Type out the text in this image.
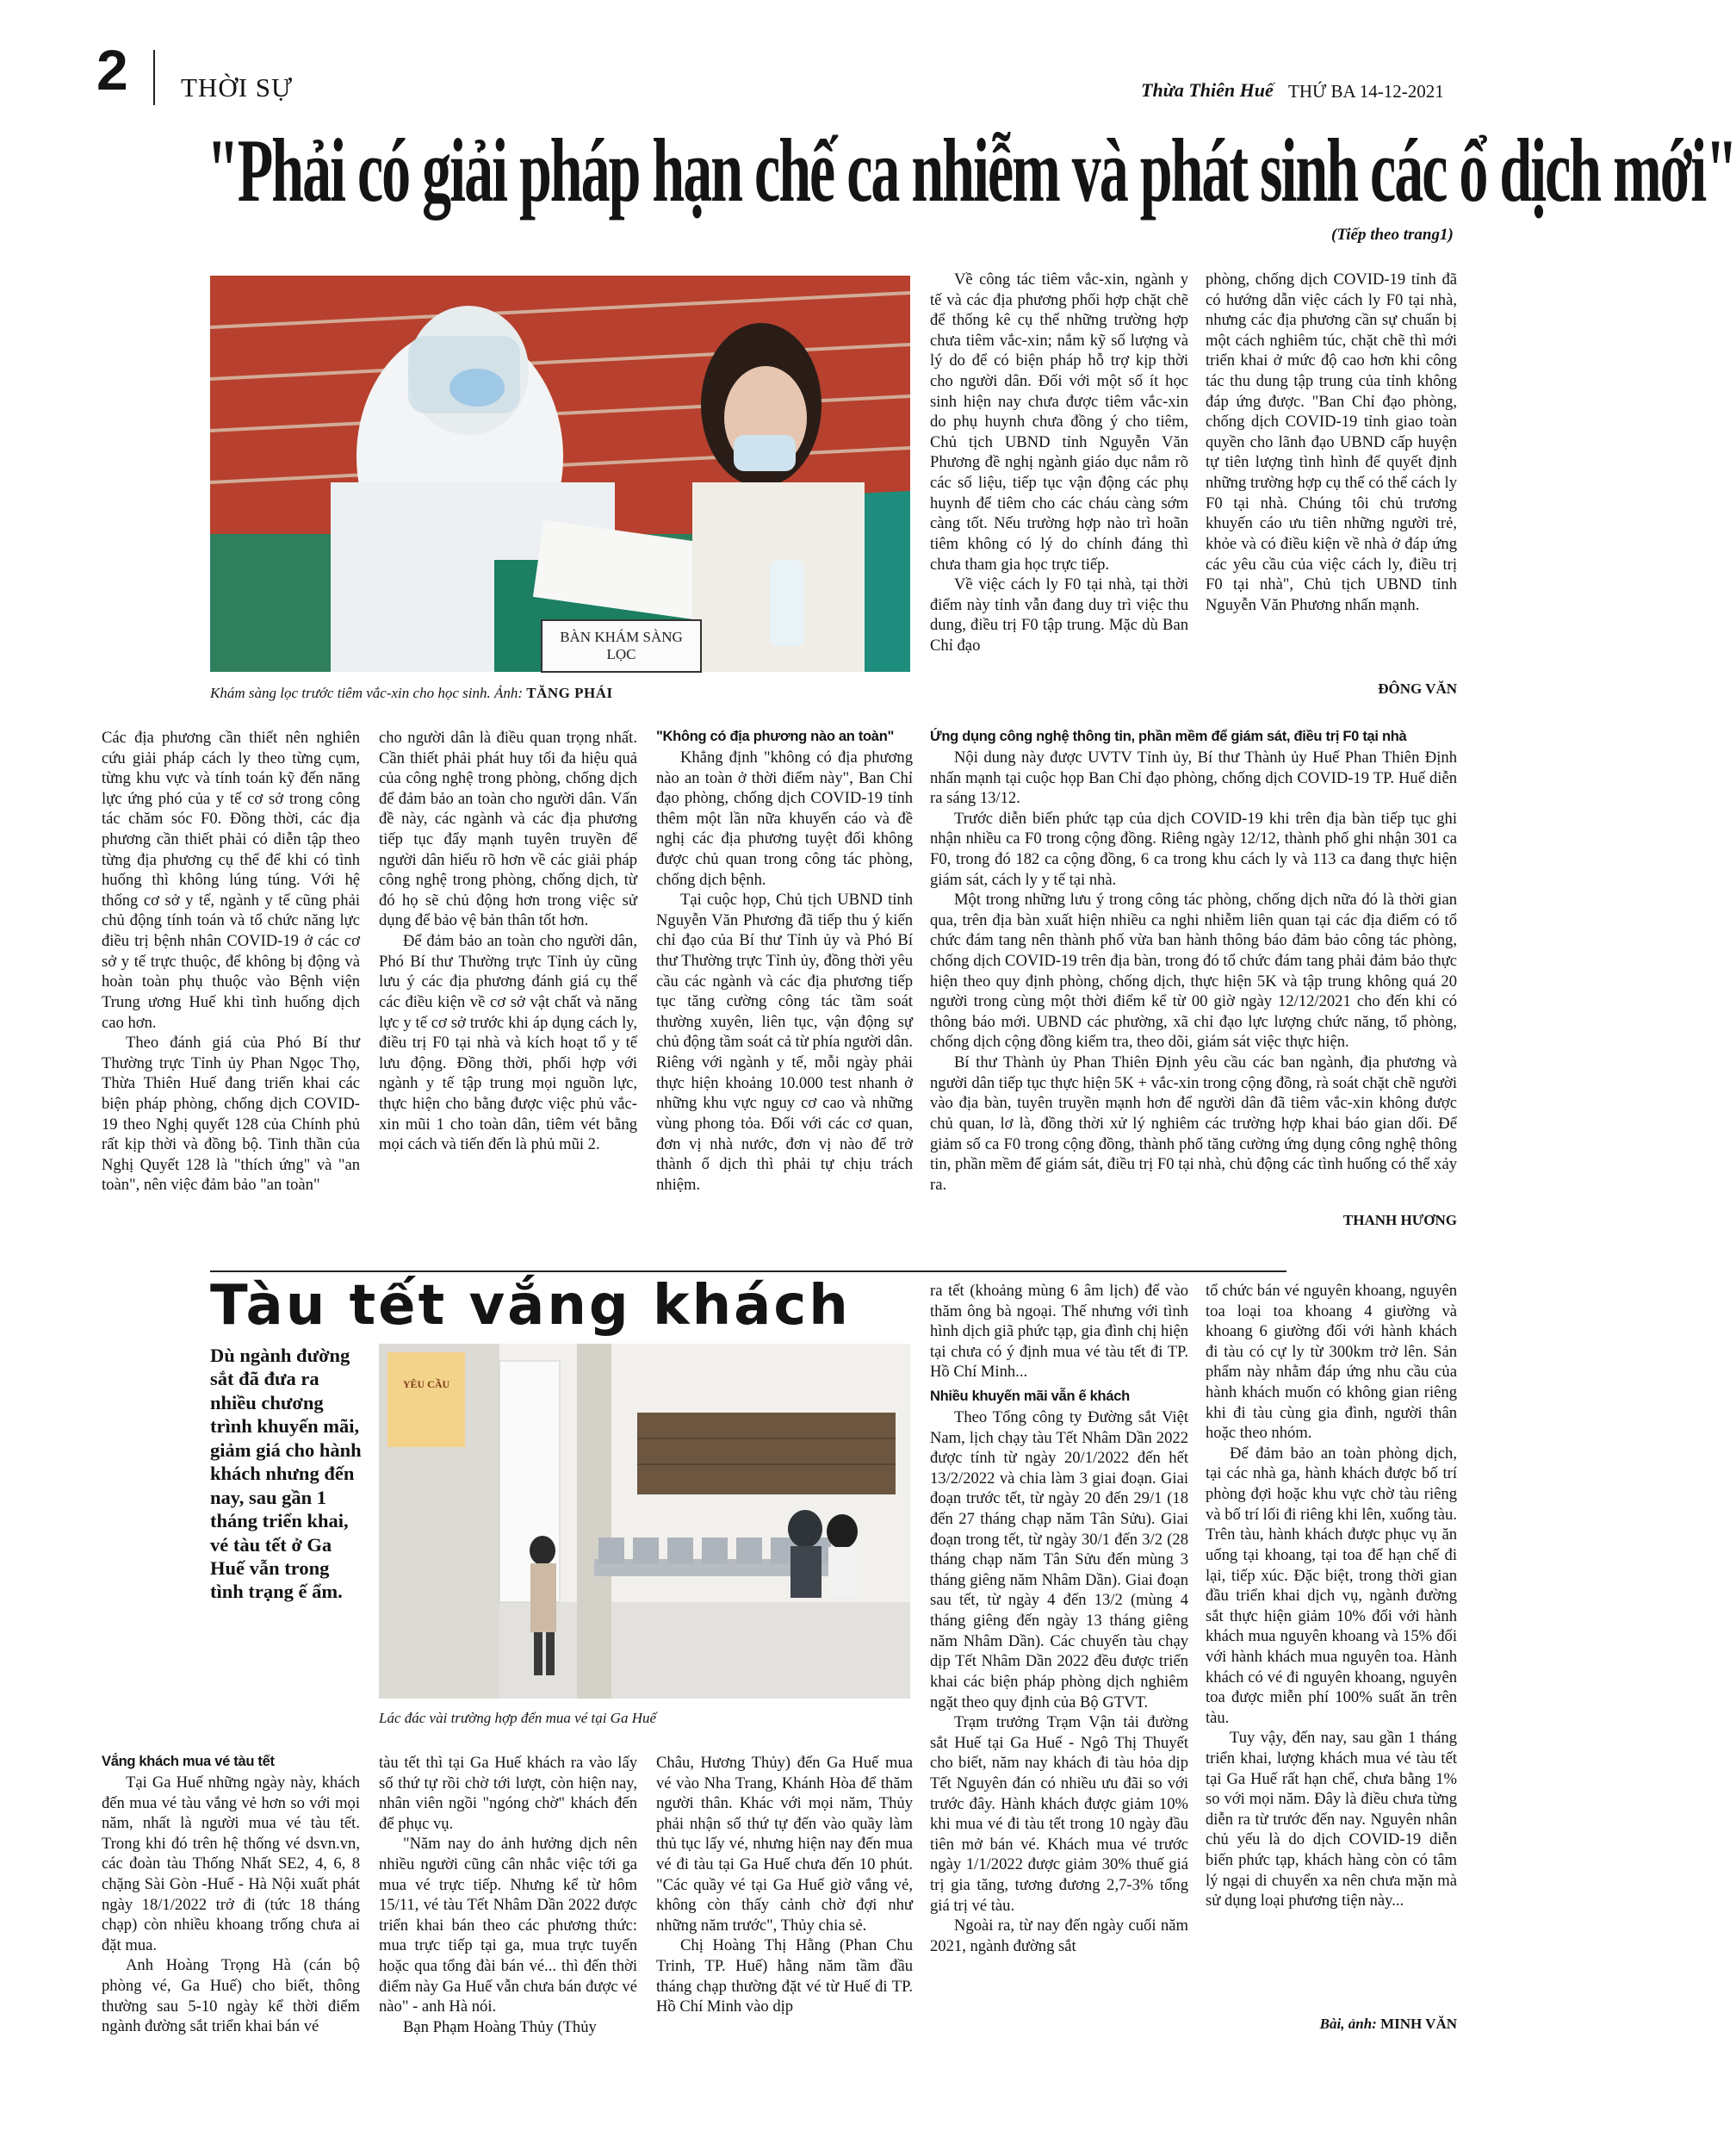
2 THỜI SỰ	Thừa Thiên Huế THỨ BA 14-12-2021
"Phải có giải pháp hạn chế ca nhiễm và phát sinh các ổ dịch mới"
(Tiếp theo trang1)
BÀN KHÁM SÀNG LỌC
Khám sàng lọc trước tiêm vắc-xin cho học sinh. Ảnh: TĂNG PHÁI

Về công tác tiêm vắc-xin, ngành y tế và các địa phương phối hợp chặt chẽ để thống kê cụ thể những trường hợp chưa tiêm vắc-xin; nắm kỹ số lượng và lý do để có biện pháp hỗ trợ kịp thời cho người dân. Đối với một số ít học sinh hiện nay chưa được tiêm vắc-xin do phụ huynh chưa đồng ý cho tiêm, Chủ tịch UBND tỉnh Nguyễn Văn Phương đề nghị ngành giáo dục nắm rõ các số liệu, tiếp tục vận động các phụ huynh để tiêm cho các cháu càng sớm càng tốt. Nếu trường hợp nào trì hoãn tiêm không có lý do chính đáng thì chưa tham gia học trực tiếp.

Về việc cách ly F0 tại nhà, tại thời điểm này tỉnh vẫn đang duy trì việc thu dung, điều trị F0 tập trung. Mặc dù Ban Chỉ đạo

phòng, chống dịch COVID-19 tỉnh đã có hướng dẫn việc cách ly F0 tại nhà, nhưng các địa phương cần sự chuẩn bị một cách nghiêm túc, chặt chẽ thì mới triển khai ở mức độ cao hơn khi công tác thu dung tập trung của tỉnh không đáp ứng được. "Ban Chỉ đạo phòng, chống dịch COVID-19 tỉnh giao toàn quyền cho lãnh đạo UBND cấp huyện tự tiên lượng tình hình để quyết định những trường hợp cụ thể có thể cách ly F0 tại nhà. Chúng tôi chủ trương khuyến cáo ưu tiên những người trẻ, khỏe và có điều kiện về nhà ở đáp ứng các yêu cầu của việc cách ly, điều trị F0 tại nhà", Chủ tịch UBND tỉnh Nguyễn Văn Phương nhấn mạnh.

ĐÔNG VĂN

Các địa phương cần thiết nên nghiên cứu giải pháp cách ly theo từng cụm, từng khu vực và tính toán kỹ đến năng lực ứng phó của y tế cơ sở trong công tác chăm sóc F0. Đồng thời, các địa phương cần thiết phải có diễn tập theo từng địa phương cụ thể để khi có tình huống thì không lúng túng. Với hệ thống cơ sở y tế, ngành y tế cũng phải chủ động tính toán và tổ chức năng lực điều trị bệnh nhân COVID-19 ở các cơ sở y tế trực thuộc, để không bị động và hoàn toàn phụ thuộc vào Bệnh viện Trung ương Huế khi tình huống dịch cao hơn.

Theo đánh giá của Phó Bí thư Thường trực Tỉnh ủy Phan Ngọc Thọ, Thừa Thiên Huế đang triển khai các biện pháp phòng, chống dịch COVID-19 theo Nghị quyết 128 của Chính phủ rất kịp thời và đồng bộ. Tinh thần của Nghị Quyết 128 là "thích ứng" và "an toàn", nên việc đảm bảo "an toàn"

cho người dân là điều quan trọng nhất. Cần thiết phải phát huy tối đa hiệu quả của công nghệ trong phòng, chống dịch để đảm bảo an toàn cho người dân. Vấn đề này, các ngành và các địa phương tiếp tục đẩy mạnh tuyên truyền để người dân hiểu rõ hơn về các giải pháp công nghệ trong phòng, chống dịch, từ đó họ sẽ chủ động hơn trong việc sử dụng để bảo vệ bản thân tốt hơn.

Để đảm bảo an toàn cho người dân, Phó Bí thư Thường trực Tỉnh ủy cũng lưu ý các địa phương đánh giá cụ thể các điều kiện về cơ sở vật chất và năng lực y tế cơ sở trước khi áp dụng cách ly, điều trị F0 tại nhà và kích hoạt tổ y tế lưu động. Đồng thời, phối hợp với ngành y tế tập trung mọi nguồn lực, thực hiện cho bằng được việc phủ vắc-xin mũi 1 cho toàn dân, tiêm vét bằng mọi cách và tiến đến là phủ mũi 2.

"Không có địa phương nào an toàn"

Khẳng định "không có địa phương nào an toàn ở thời điểm này", Ban Chỉ đạo phòng, chống dịch COVID-19 tỉnh thêm một lần nữa khuyến cáo và đề nghị các địa phương tuyệt đối không được chủ quan trong công tác phòng, chống dịch bệnh.

Tại cuộc họp, Chủ tịch UBND tỉnh Nguyễn Văn Phương đã tiếp thu ý kiến chỉ đạo của Bí thư Tỉnh ủy và Phó Bí thư Thường trực Tỉnh ủy, đồng thời yêu cầu các ngành và các địa phương tiếp tục tăng cường công tác tầm soát thường xuyên, liên tục, vận động sự chủ động tầm soát cả từ phía người dân. Riêng với ngành y tế, mỗi ngày phải thực hiện khoảng 10.000 test nhanh ở những khu vực nguy cơ cao và những vùng phong tỏa. Đối với các cơ quan, đơn vị nhà nước, đơn vị nào để trở thành ổ dịch thì phải tự chịu trách nhiệm.

Ứng dụng công nghệ thông tin, phần mềm để giám sát, điều trị F0 tại nhà

Nội dung này được UVTV Tỉnh ủy, Bí thư Thành ủy Huế Phan Thiên Định nhấn mạnh tại cuộc họp Ban Chỉ đạo phòng, chống dịch COVID-19 TP. Huế diễn ra sáng 13/12.

Trước diễn biến phức tạp của dịch COVID-19 khi trên địa bàn tiếp tục ghi nhận nhiều ca F0 trong cộng đồng. Riêng ngày 12/12, thành phố ghi nhận 301 ca F0, trong đó 182 ca cộng đồng, 6 ca trong khu cách ly và 113 ca đang thực hiện giám sát, cách ly y tế tại nhà.

Một trong những lưu ý trong công tác phòng, chống dịch nữa đó là thời gian qua, trên địa bàn xuất hiện nhiều ca nghi nhiễm liên quan tại các địa điểm có tổ chức đám tang nên thành phố vừa ban hành thông báo đảm bảo công tác phòng, chống dịch COVID-19 trên địa bàn, trong đó tổ chức đám tang phải đảm bảo thực hiện theo quy định phòng, chống dịch, thực hiện 5K và tập trung không quá 20 người trong cùng một thời điểm kể từ 00 giờ ngày 12/12/2021 cho đến khi có thông báo mới. UBND các phường, xã chỉ đạo lực lượng chức năng, tổ phòng, chống dịch cộng đồng kiểm tra, theo dõi, giám sát việc thực hiện.

Bí thư Thành ủy Phan Thiên Định yêu cầu các ban ngành, địa phương và người dân tiếp tục thực hiện 5K + vắc-xin trong cộng đồng, rà soát chặt chẽ người vào địa bàn, tuyên truyền mạnh hơn để người dân đã tiêm vắc-xin không được chủ quan, lơ là, đồng thời xử lý nghiêm các trường hợp khai báo gian dối. Để giảm số ca F0 trong cộng đồng, thành phố tăng cường ứng dụng công nghệ thông tin, phần mềm để giám sát, điều trị F0 tại nhà, chủ động các tình huống có thể xảy ra.

THANH HƯƠNG
Tàu tết vắng khách
Dù ngành đường sắt đã đưa ra nhiều chương trình khuyến mãi, giảm giá cho hành khách nhưng đến nay, sau gần 1 tháng triển khai, vé tàu tết ở Ga Huế vẫn trong tình trạng ế ẩm.
YÊU CẦU
Lác đác vài trường hợp đến mua vé tại Ga Huế
Vắng khách mua vé tàu tết

Tại Ga Huế những ngày này, khách đến mua vé tàu vắng vẻ hơn so với mọi năm, nhất là người mua vé tàu tết. Trong khi đó trên hệ thống vé dsvn.vn, các đoàn tàu Thống Nhất SE2, 4, 6, 8 chặng Sài Gòn -Huế - Hà Nội xuất phát ngày 18/1/2022 trở đi (tức 18 tháng chạp) còn nhiều khoang trống chưa ai đặt mua.

Anh Hoàng Trọng Hà (cán bộ phòng vé, Ga Huế) cho biết, thông thường sau 5-10 ngày kể thời điểm ngành đường sắt triển khai bán vé

tàu tết thì tại Ga Huế khách ra vào lấy số thứ tự rồi chờ tới lượt, còn hiện nay, nhân viên ngồi "ngóng chờ" khách đến để phục vụ.

"Năm nay do ảnh hưởng dịch nên nhiều người cũng cân nhắc việc tới ga mua vé trực tiếp. Nhưng kể từ hôm 15/11, vé tàu Tết Nhâm Dần 2022 được triển khai bán theo các phương thức: mua trực tiếp tại ga, mua trực tuyến hoặc qua tổng đài bán vé... thì đến thời điểm này Ga Huế vẫn chưa bán được vé nào" - anh Hà nói.

Bạn Phạm Hoàng Thủy (Thủy

Châu, Hương Thủy) đến Ga Huế mua vé vào Nha Trang, Khánh Hòa để thăm người thân. Khác với mọi năm, Thủy phải nhận số thứ tự đến vào quầy làm thủ tục lấy vé, nhưng hiện nay đến mua vé đi tàu tại Ga Huế chưa đến 10 phút. "Các quầy vé tại Ga Huế giờ vắng vẻ, không còn thấy cảnh chờ đợi như những năm trước", Thủy chia sẻ.

Chị Hoàng Thị Hằng (Phan Chu Trinh, TP. Huế) hằng năm tầm đầu tháng chạp thường đặt vé từ Huế đi TP. Hồ Chí Minh vào dịp

ra tết (khoảng mùng 6 âm lịch) để vào thăm ông bà ngoại. Thế nhưng với tình hình dịch giã phức tạp, gia đình chị hiện tại chưa có ý định mua vé tàu tết đi TP. Hồ Chí Minh...

Nhiều khuyến mãi vẫn ế khách

Theo Tổng công ty Đường sắt Việt Nam, lịch chạy tàu Tết Nhâm Dần 2022 được tính từ ngày 20/1/2022 đến hết 13/2/2022 và chia làm 3 giai đoạn. Giai đoạn trước tết, từ ngày 20 đến 29/1 (18 đến 27 tháng chạp năm Tân Sửu). Giai đoạn trong tết, từ ngày 30/1 đến 3/2 (28 tháng chạp năm Tân Sửu đến mùng 3 tháng giêng năm Nhâm Dần). Giai đoạn sau tết, từ ngày 4 đến 13/2 (mùng 4 tháng giêng đến ngày 13 tháng giêng năm Nhâm Dần). Các chuyến tàu chạy dịp Tết Nhâm Dần 2022 đều được triển khai các biện pháp phòng dịch nghiêm ngặt theo quy định của Bộ GTVT.

Trạm trưởng Trạm Vận tải đường sắt Huế tại Ga Huế - Ngô Thị Thuyết cho biết, năm nay khách đi tàu hỏa dịp Tết Nguyên đán có nhiều ưu đãi so với trước đây. Hành khách được giảm 10% khi mua vé đi tàu tết trong 10 ngày đầu tiên mở bán vé. Khách mua vé trước ngày 1/1/2022 được giảm 30% thuế giá trị gia tăng, tương đương 2,7-3% tổng giá trị vé tàu.

Ngoài ra, từ nay đến ngày cuối năm 2021, ngành đường sắt

tổ chức bán vé nguyên khoang, nguyên toa loại toa khoang 4 giường và khoang 6 giường đối với hành khách đi tàu có cự ly từ 300km trở lên. Sản phẩm này nhằm đáp ứng nhu cầu của hành khách muốn có không gian riêng khi đi tàu cùng gia đình, người thân hoặc theo nhóm.

Để đảm bảo an toàn phòng dịch, tại các nhà ga, hành khách được bố trí phòng đợi hoặc khu vực chờ tàu riêng và bố trí lối đi riêng khi lên, xuống tàu. Trên tàu, hành khách được phục vụ ăn uống tại khoang, tại toa để hạn chế đi lại, tiếp xúc. Đặc biệt, trong thời gian đầu triển khai dịch vụ, ngành đường sắt thực hiện giảm 10% đối với hành khách mua nguyên khoang và 15% đối với hành khách mua nguyên toa. Hành khách có vé đi nguyên khoang, nguyên toa được miễn phí 100% suất ăn trên tàu.

Tuy vậy, đến nay, sau gần 1 tháng triển khai, lượng khách mua vé tàu tết tại Ga Huế rất hạn chế, chưa bằng 1% so với mọi năm. Đây là điều chưa từng diễn ra từ trước đến nay. Nguyên nhân chủ yếu là do dịch COVID-19 diễn biến phức tạp, khách hàng còn có tâm lý ngại di chuyển xa nên chưa mặn mà sử dụng loại phương tiện này...

Bài, ảnh: MINH VĂN
